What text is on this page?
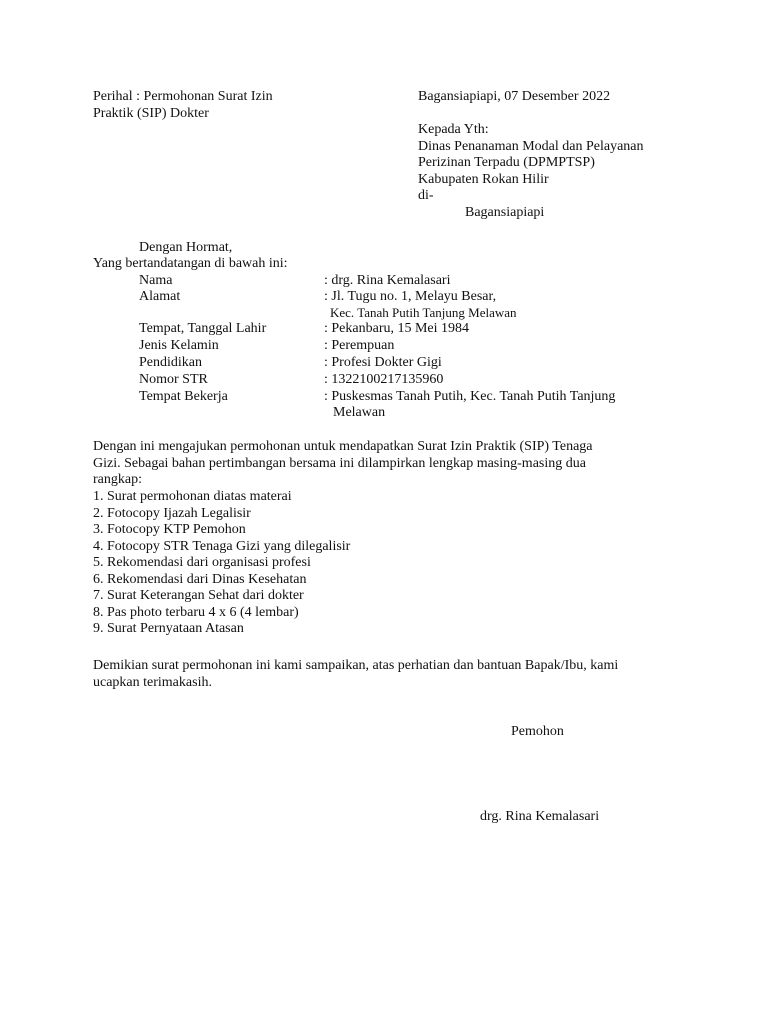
Perihal : Permohonan Surat Izin
Praktik (SIP) Dokter
Bagansiapiapi, 07 Desember 2022
Kepada Yth:
Dinas Penanaman Modal dan Pelayanan
Perizinan Terpadu (DPMPTSP)
Kabupaten Rokan Hilir
di-
Bagansiapiapi
Dengan Hormat,
Yang bertandatangan di bawah ini:
Nama	: drg. Rina Kemalasari
Alamat	: Jl. Tugu no. 1, Melayu Besar,
Kec. Tanah Putih Tanjung Melawan
Tempat, Tanggal Lahir	: Pekanbaru, 15 Mei 1984
Jenis Kelamin	: Perempuan
Pendidikan	: Profesi Dokter Gigi
Nomor STR	: 1322100217135960
Tempat Bekerja	: Puskesmas Tanah Putih, Kec. Tanah Putih Tanjung
Melawan
Dengan ini mengajukan permohonan untuk mendapatkan Surat Izin Praktik (SIP) Tenaga
Gizi. Sebagai bahan pertimbangan bersama ini dilampirkan lengkap masing-masing dua
rangkap:
1. Surat permohonan diatas materai
2. Fotocopy Ijazah Legalisir
3. Fotocopy KTP Pemohon
4. Fotocopy STR Tenaga Gizi yang dilegalisir
5. Rekomendasi dari organisasi profesi
6. Rekomendasi dari Dinas Kesehatan
7. Surat Keterangan Sehat dari dokter
8. Pas photo terbaru 4 x 6 (4 lembar)
9. Surat Pernyataan Atasan
Demikian surat permohonan ini kami sampaikan, atas perhatian dan bantuan Bapak/Ibu, kami
ucapkan terimakasih.
Pemohon
drg. Rina Kemalasari
